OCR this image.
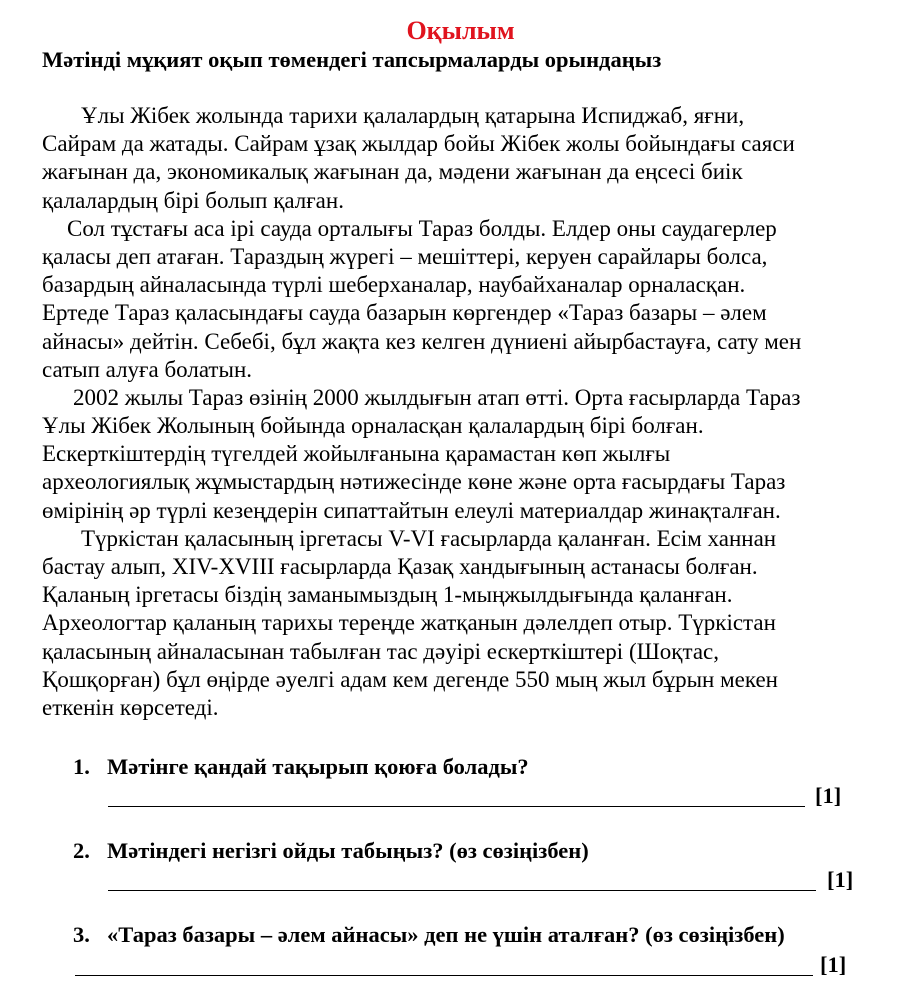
Оқылым
Мәтінді мұқият оқып төмендегі тапсырмаларды орындаңыз
Ұлы Жібек жолында тарихи қалалардың қатарына Испиджаб, яғни,
Сайрам да жатады. Сайрам ұзақ жылдар бойы Жібек жолы бойындағы саяси
жағынан да, экономикалық жағынан да, мәдени жағынан да еңсесі биік
қалалардың бірі болып қалған.
Сол тұстағы аса ірі сауда орталығы Тараз болды. Елдер оны саудагерлер
қаласы деп атаған. Тараздың жүрегі – мешіттері, керуен сарайлары болса,
базардың айналасында түрлі шеберханалар, наубайханалар орналасқан.
Ертеде Тараз қаласындағы сауда базарын көргендер «Тараз базары – әлем
айнасы» дейтін. Себебі, бұл жақта кез келген дүниені айырбастауға, сату мен
сатып алуға болатын.
2002 жылы Тараз өзінің 2000 жылдығын атап өтті. Орта ғасырларда Тараз
Ұлы Жібек Жолының бойында орналасқан қалалардың бірі болған.
Ескерткіштердің түгелдей жойылғанына қарамастан көп жылғы
археологиялық жұмыстардың нәтижесінде көне және орта ғасырдағы Тараз
өмірінің әр түрлі кезеңдерін сипаттайтын елеулі материалдар жинақталған.
Түркістан қаласының іргетасы V-VI ғасырларда қаланған. Есім ханнан
бастау алып, XIV-XVIII ғасырларда Қазақ хандығының астанасы болған.
Қаланың іргетасы біздің заманымыздың 1-мыңжылдығында қаланған.
Археологтар қаланың тарихы тереңде жатқанын дәлелдеп отыр. Түркістан
қаласының айналасынан табылған тас дәуірі ескерткіштері (Шоқтас,
Қошқорған) бұл өңірде әуелгі адам кем дегенде 550 мың жыл бұрын мекен
еткенін көрсетеді.
1. Мәтінге қандай тақырып қоюға болады?
[1]
2. Мәтіндегі негізгі ойды табыңыз? (өз сөзіңізбен)
[1]
3. «Тараз базары – әлем айнасы» деп не үшін аталған? (өз сөзіңізбен)
[1]
